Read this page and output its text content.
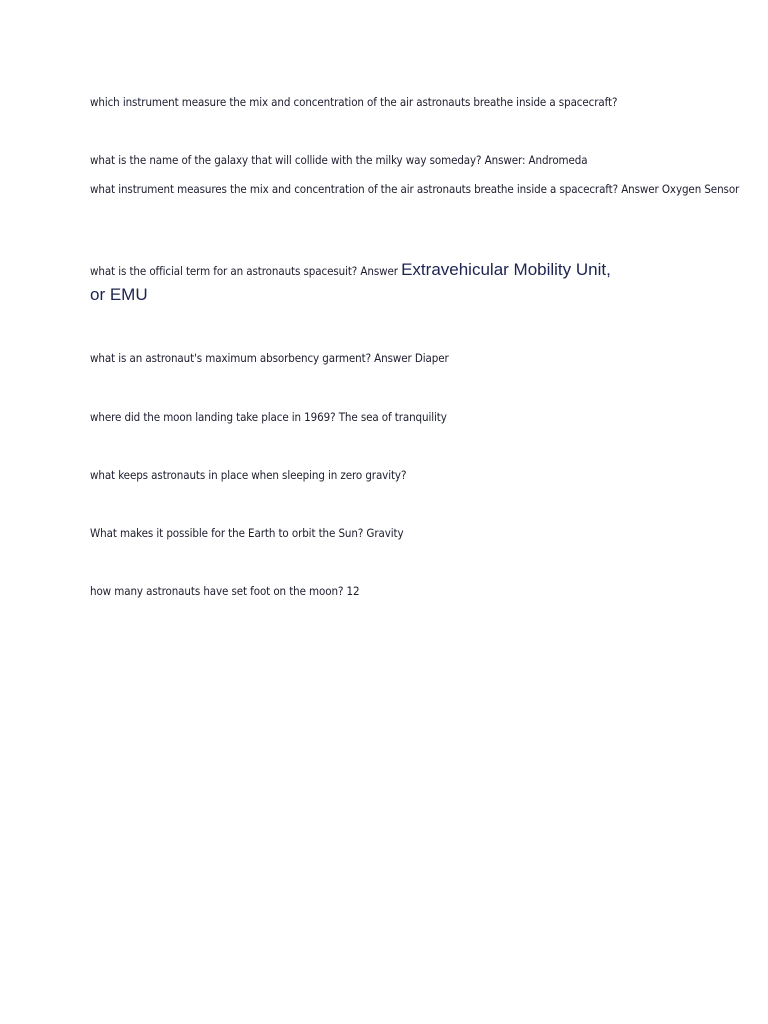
which instrument measure the mix and concentration of the air astronauts breathe inside a spacecraft?

what is the name of the galaxy that will collide with the milky way someday? Answer: Andromeda

what instrument measures the mix and concentration of the air astronauts breathe inside a spacecraft? Answer Oxygen Sensor
what is the official term for an astronauts spacesuit? Answer Extravehicular Mobility Unit,
or EMU

what is an astronaut's maximum absorbency garment? Answer Diaper

where did the moon landing take place in 1969? The sea of tranquility

what keeps astronauts in place when sleeping in zero gravity?

What makes it possible for the Earth to orbit the Sun? Gravity

how many astronauts have set foot on the moon? 12
